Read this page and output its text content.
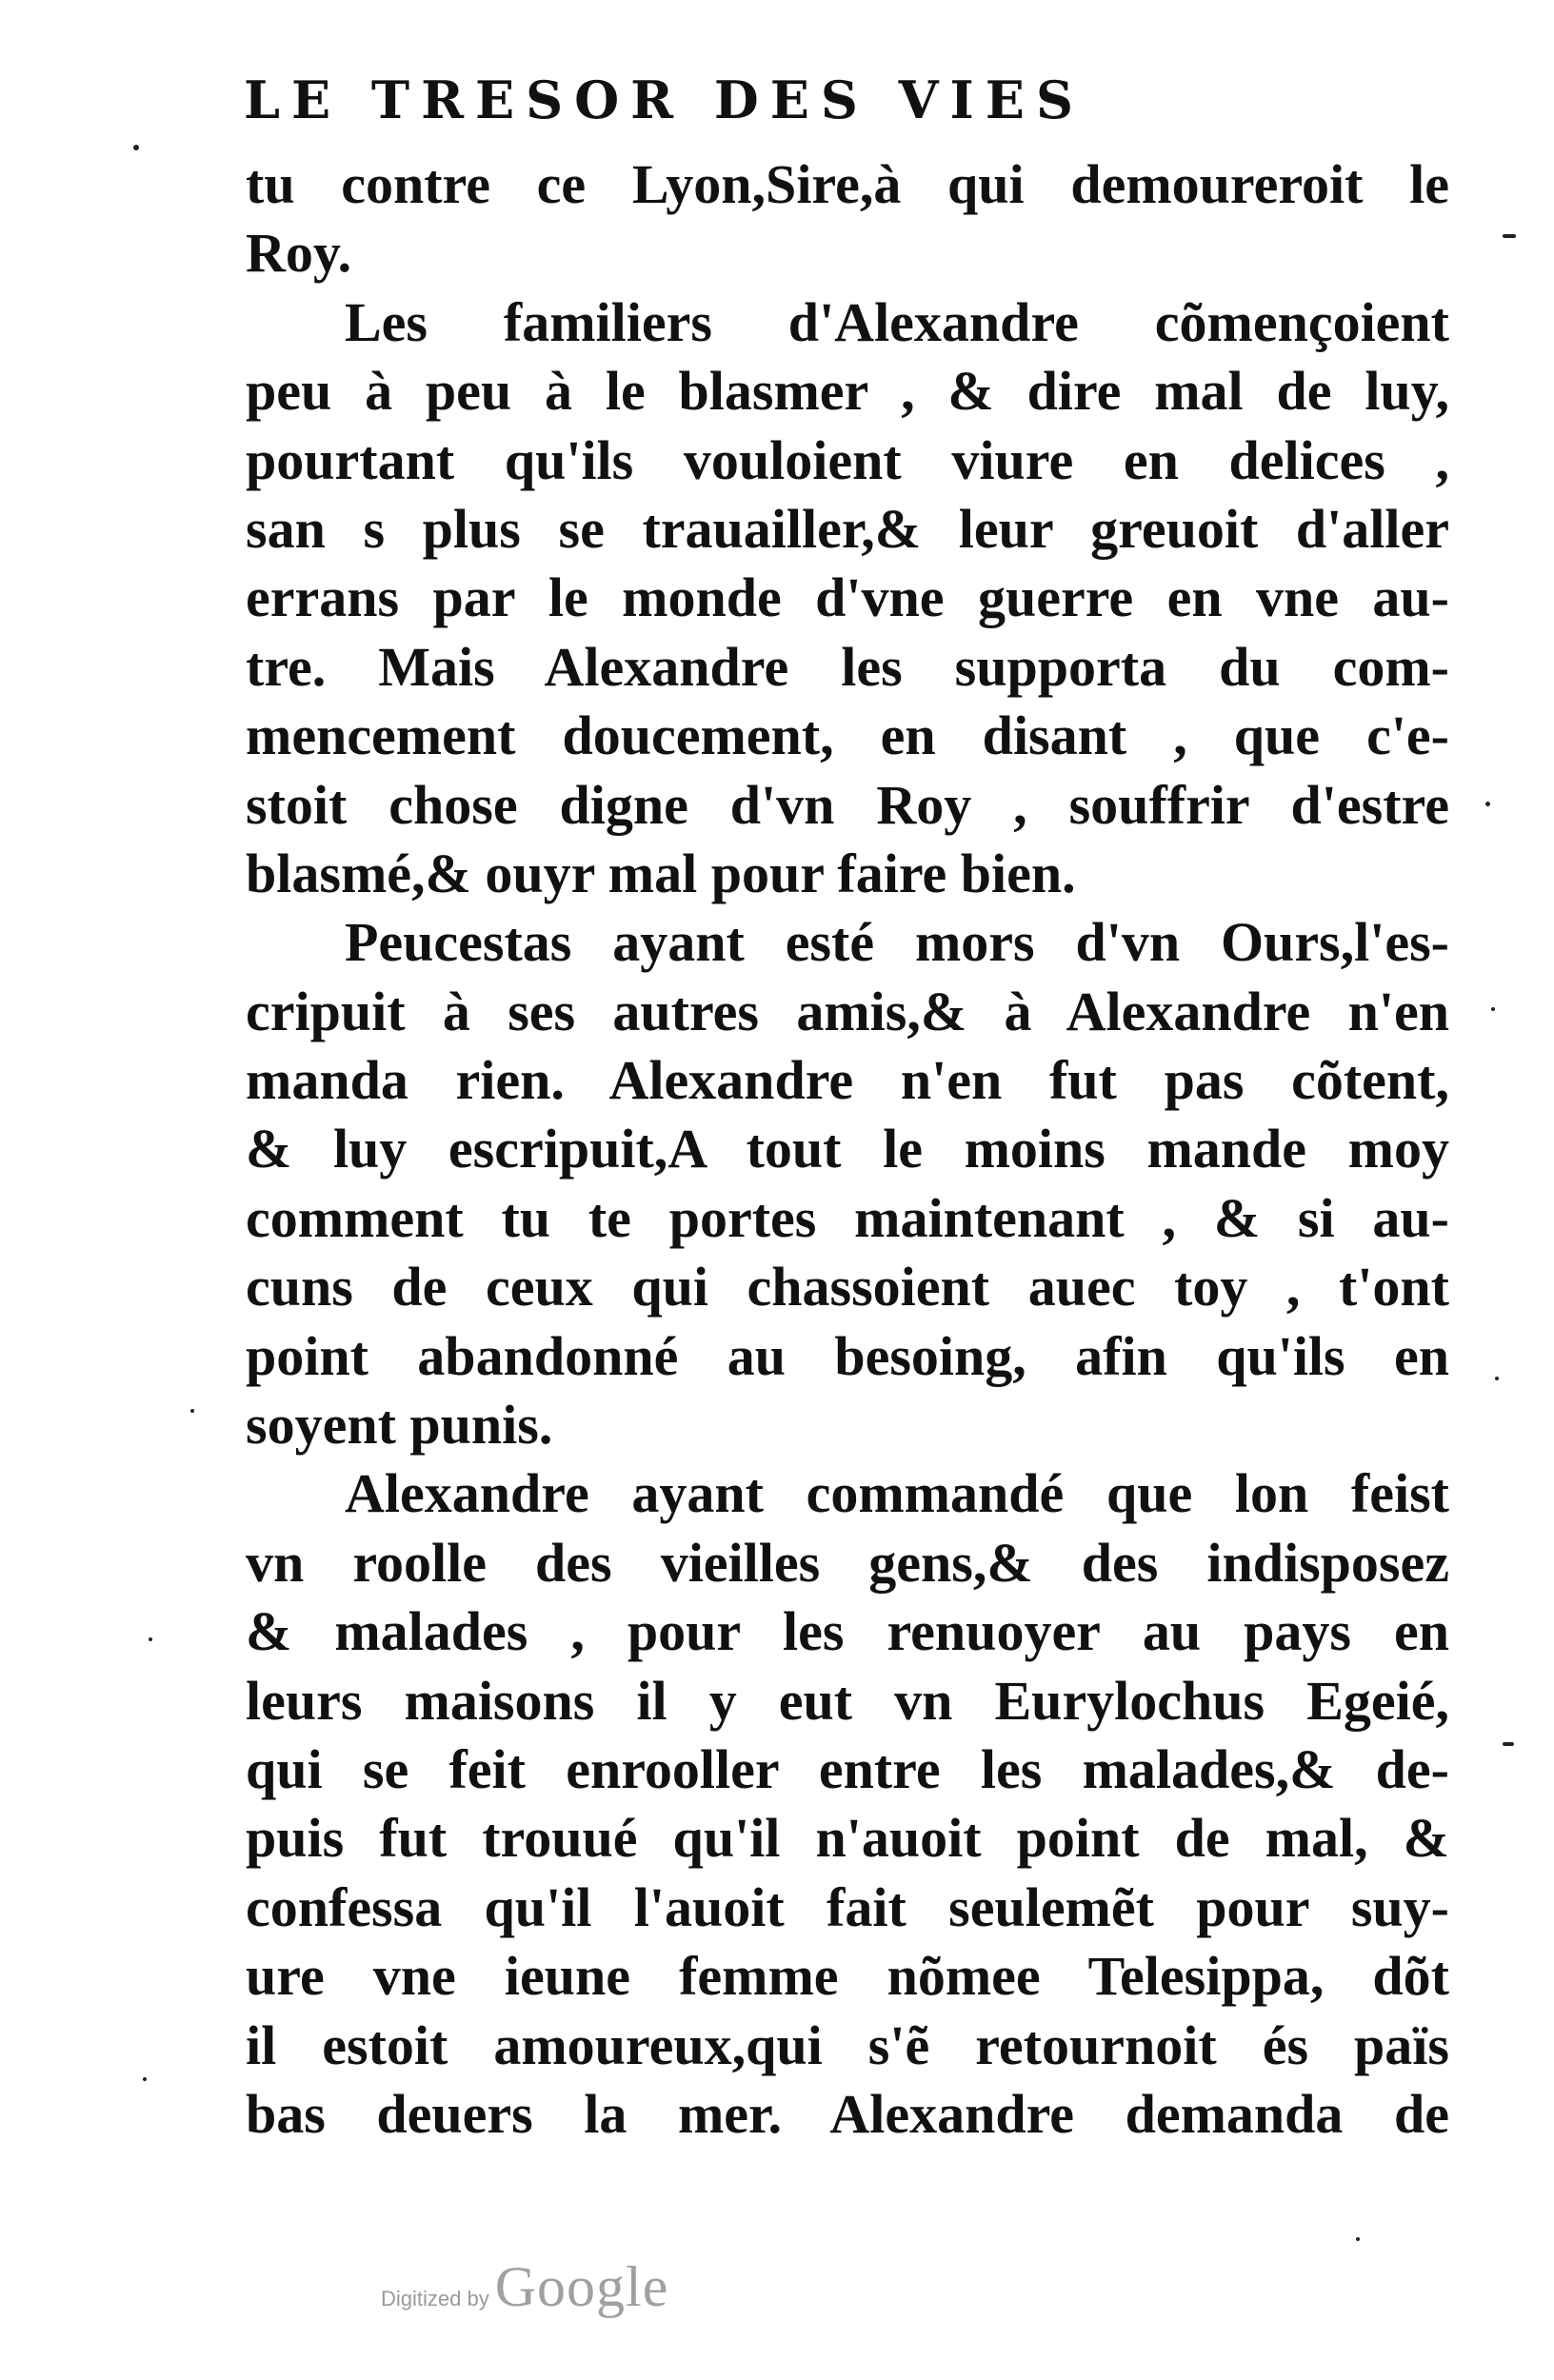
LE TRESOR DES VIES
tu contre ce Lyon,Sire,à qui demoureroit le
Roy.
Les familiers d'Alexandre cõmençoient
peu à peu à le blasmer , & dire mal de luy,
pourtant qu'ils vouloient viure en delices ,
san s plus se trauailler,& leur greuoit d'aller
errans par le monde d'vne guerre en vne au-
tre. Mais Alexandre les supporta du com-
mencement doucement, en disant , que c'e-
stoit chose digne d'vn Roy , souffrir d'estre
blasmé,& ouyr mal pour faire bien.
Peucestas ayant esté mors d'vn Ours,l'es-
cripuit à ses autres amis,& à Alexandre n'en
manda rien. Alexandre n'en fut pas cõtent,
& luy escripuit,A tout le moins mande moy
comment tu te portes maintenant , & si au-
cuns de ceux qui chassoient auec toy , t'ont
point abandonné au besoing, afin qu'ils en
soyent punis.
Alexandre ayant commandé que lon feist
vn roolle des vieilles gens,& des indisposez
& malades , pour les renuoyer au pays en
leurs maisons il y eut vn Eurylochus Egeié,
qui se feit enrooller entre les malades,& de-
puis fut trouué qu'il n'auoit point de mal, &
confessa qu'il l'auoit fait seulemẽt pour suy-
ure vne ieune femme nõmee Telesippa, dõt
il estoit amoureux,qui s'ẽ retournoit és païs
bas deuers la mer. Alexandre demanda de
Digitized by Google
